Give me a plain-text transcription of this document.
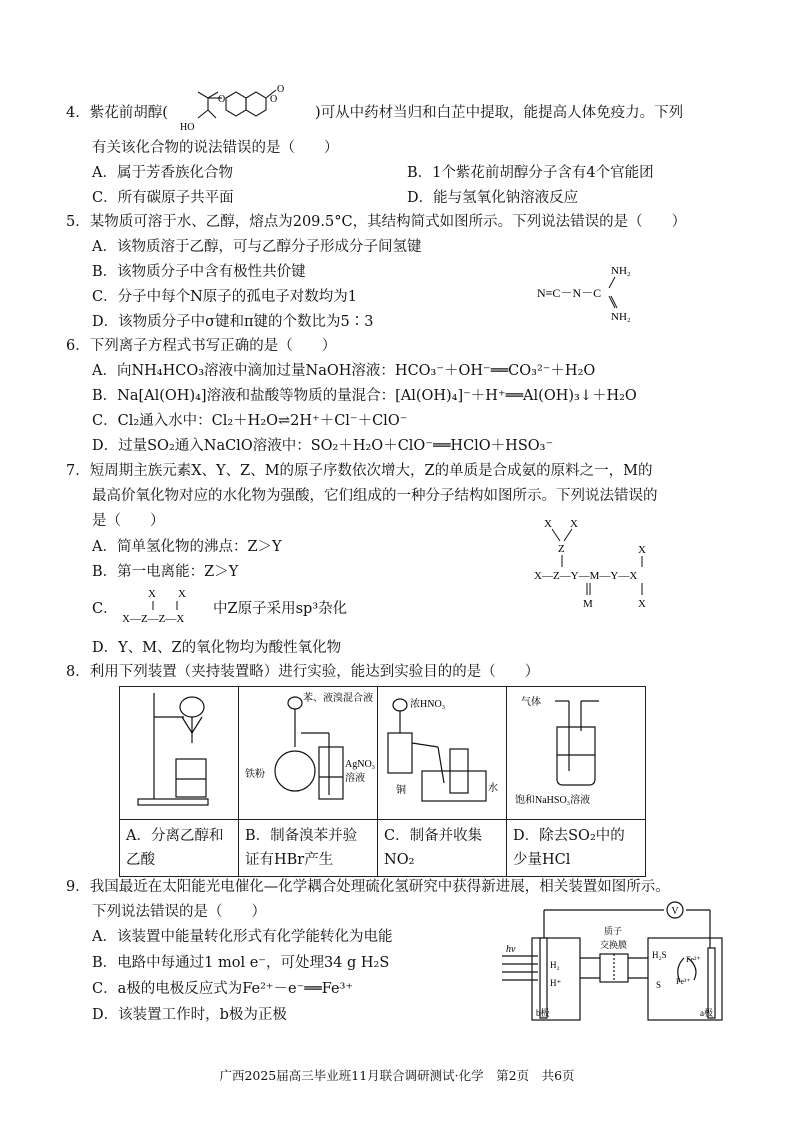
4．紫花前胡醇(
O	O
O
HO
)可从中药材当归和白芷中提取，能提高人体免疫力。下列
有关该化合物的说法错误的是（　　）
A．属于芳香族化合物	B．1个紫花前胡醇分子含有4个官能团
C．所有碳原子共平面	D．能与氢氧化钠溶液反应
5．某物质可溶于水、乙醇，熔点为209.5°C，其结构简式如图所示。下列说法错误的是（　　）
A．该物质溶于乙醇，可与乙醇分子形成分子间氢键
B．该物质分子中含有极性共价键
C．分子中每个N原子的孤电子对数均为1
D．该物质分子中σ键和π键的个数比为5∶3
NH₂
N≡C－N－C
NH₂
6．下列离子方程式书写正确的是（　　）
A．向NH₄HCO₃溶液中滴加过量NaOH溶液：HCO₃⁻＋OH⁻══CO₃²⁻＋H₂O
B．Na[Al(OH)₄]溶液和盐酸等物质的量混合：[Al(OH)₄]⁻＋H⁺══Al(OH)₃↓＋H₂O
C．Cl₂通入水中：Cl₂＋H₂O⇌2H⁺＋Cl⁻＋ClO⁻
D．过量SO₂通入NaClO溶液中：SO₂＋H₂O＋ClO⁻══HClO＋HSO₃⁻
7．短周期主族元素X、Y、Z、M的原子序数依次增大，Z的单质是合成氨的原料之一，M的
最高价氧化物对应的水化物为强酸，它们组成的一种分子结构如图所示。下列说法错误的
是（　　）
A．简单氢化物的沸点：Z＞Y
B．第一电离能：Z＞Y
C．
X　　X
X—Z—Z—X
中Z原子采用sp³杂化
D．Y、M、Z的氧化物均为酸性氧化物
X X
Z	X
X—Z—Y—M—Y—X
M	X
8．利用下列装置（夹持装置略）进行实验，能达到实验目的的是（　　）

苯、液溴混合液
铁粉
AgNO₃
溶液	浓HNO₃
铜 水	气体
饱和NaHSO₃溶液

A．分离乙醇和乙酸	B．制备溴苯并验证有HBr产生	C．制备并收集NO₂	D．除去SO₂中的少量HCl
9．我国最近在太阳能光电催化—化学耦合处理硫化氢研究中获得新进展，相关装置如图所示。
下列说法错误的是（　　）
A．该装置中能量转化形式有化学能转化为电能
B．电路中每通过1 mol e⁻，可处理34 g H₂S
C．a极的电极反应式为Fe²⁺－e⁻══Fe³⁺
D．该装置工作时，b极为正极
V
hν
H₂
H⁺
质子
交换膜
H₂S
S
Fe²⁺
Fe³⁺
b极	a极
广西2025届高三毕业班11月联合调研测试·化学　第2页　共6页
